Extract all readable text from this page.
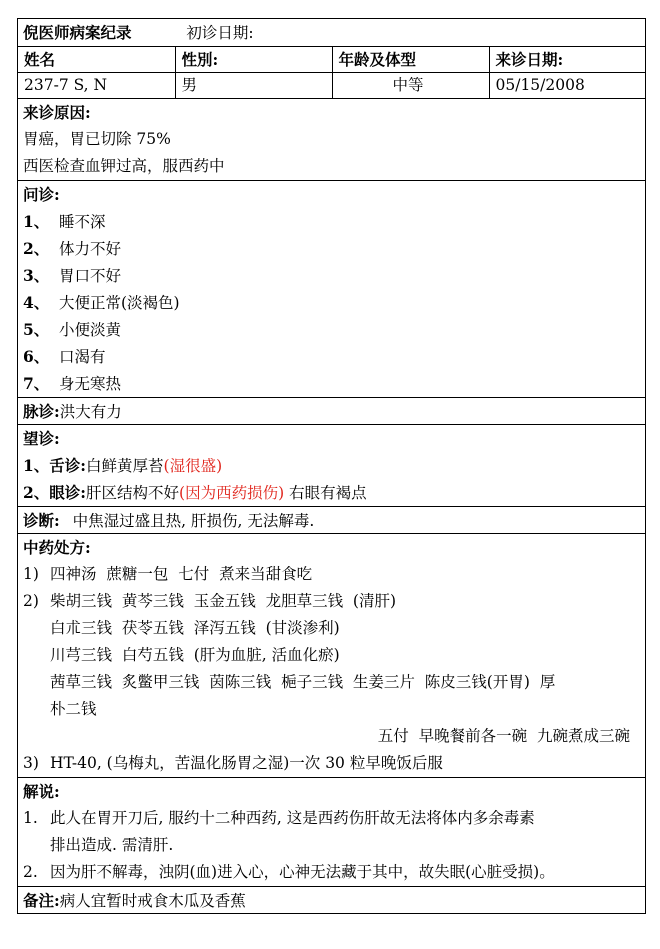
倪医师病案纪录	初诊日期:
姓名	性別:	年龄及体型	来诊日期:
237-7 S, N	男	中等	05/15/2008
来诊原因:
胃癌，胃已切除 75%
西医检查血钾过高，服西药中
问诊:
1、 睡不深
2、 体力不好
3、 胃口不好
4、 大便正常(淡褐色)
5、 小便淡黄
6、 口渴有
7、 身无寒热
脉诊:洪大有力
望诊:
1、舌诊:白鲜黄厚苔(湿很盛)
2、眼诊:肝区结构不好(因为西药损伤) 右眼有褐点
诊断: 中焦湿过盛且热, 肝损伤, 无法解毒.
中药处方:
1) 四神汤  蔗糖一包  七付  煮来当甜食吃
2) 柴胡三钱  黄芩三钱  玉金五钱  龙胆草三钱  (清肝)
白朮三钱  茯苓五钱  泽泻五钱  (甘淡渗利)
川芎三钱  白芍五钱  (肝为血脏, 活血化瘀)
茜草三钱  炙鳖甲三钱  茵陈三钱  梔子三钱  生姜三片  陈皮三钱(开胃)  厚
朴二钱
五付  早晚餐前各一碗  九碗煮成三碗
3) HT-40, (乌梅丸，苦温化肠胃之湿)一次 30 粒早晚饭后服
解说:
1. 此人在胃开刀后, 服约十二种西药, 这是西药伤肝故无法将体内多余毒素
排出造成. 需清肝.
2. 因为肝不解毒，浊阴(血)进入心，心神无法藏于其中，故失眠(心脏受损)。
备注:病人宜暂时戒食木瓜及香蕉
